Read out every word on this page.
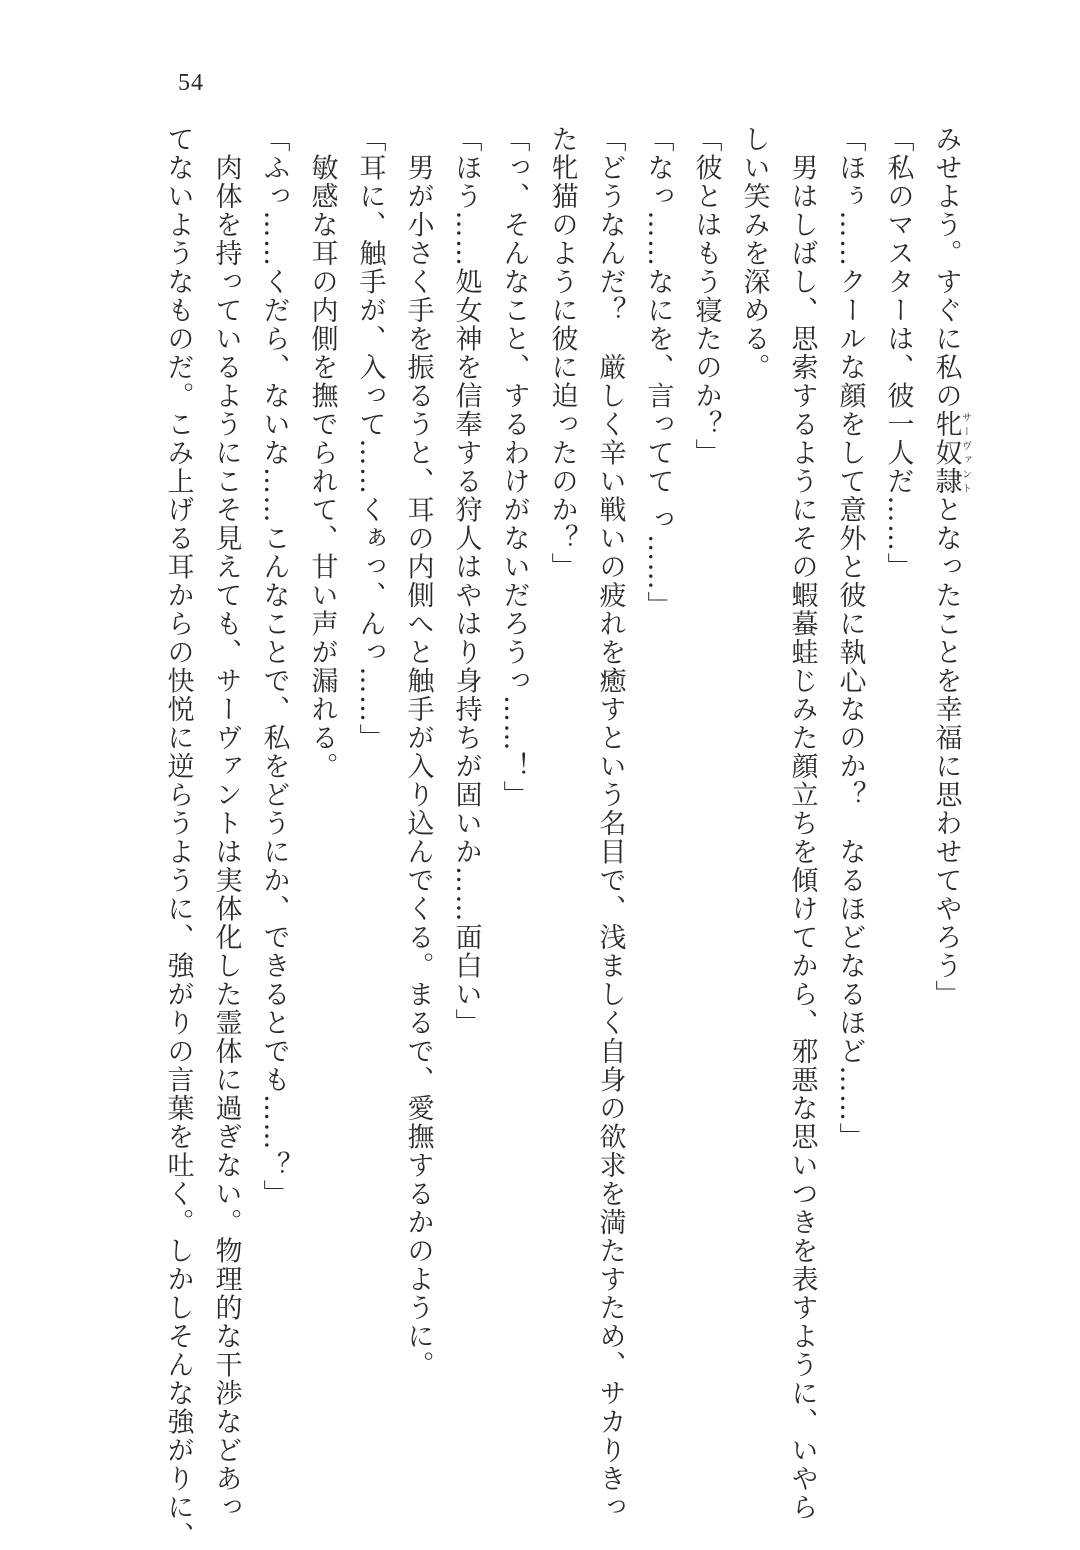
54
みせよう。すぐに私の牝奴隷サーヴァントとなったことを幸福に思わせてやろう」
「私のマスターは、彼一人だ……」
「ほぅ……クールな顔をして意外と彼に執心なのか？　なるほどなるほど……」
　男はしばし、思索するようにその蝦蟇蛙じみた顔立ちを傾けてから、邪悪な思いつきを表すように、いやら
しい笑みを深める。
「彼とはもう寝たのか？」
「なっ……なにを、言ってて っ……」
「どうなんだ？　厳しく辛い戦いの疲れを癒すという名目で、浅ましく自身の欲求を満たすため、サカりきっ
た牝猫のように彼に迫ったのか？」
「っ、そんなこと、するわけがないだろうっ……！」
「ほう……処女神を信奉する狩人はやはり身持ちが固いか……面白い」
　男が小さく手を振るうと、耳の内側へと触手が入り込んでくる。まるで、愛撫するかのように。
「耳に、触手が、入って……くぁっ、んっ……」
　敏感な耳の内側を撫でられて、甘い声が漏れる。
「ふっ……くだら、ないな……こんなことで、私をどうにか、できるとでも……？」
　肉体を持っているようにこそ見えても、サーヴァントは実体化した霊体に過ぎない。物理的な干渉などあっ
てないようなものだ。こみ上げる耳からの快悦に逆らうように、強がりの言葉を吐く。しかしそんな強がりに、
